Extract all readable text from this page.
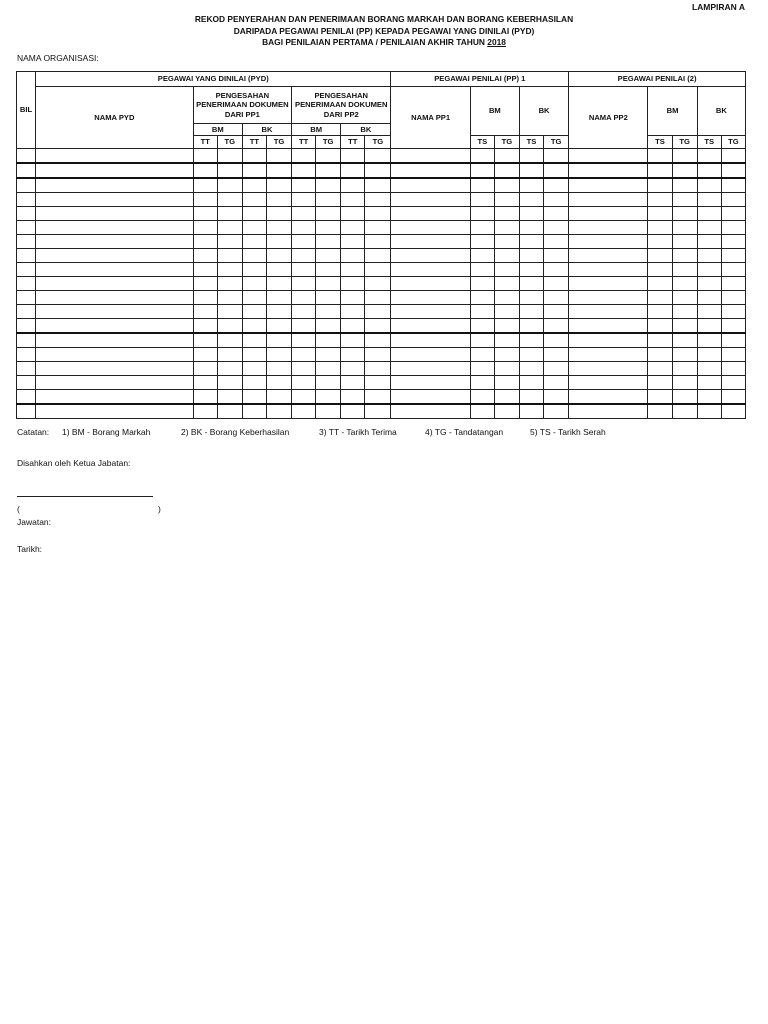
LAMPIRAN A
REKOD PENYERAHAN DAN PENERIMAAN BORANG MARKAH DAN BORANG KEBERHASILAN
DARIPADA PEGAWAI PENILAI (PP) KEPADA PEGAWAI YANG DINILAI (PYD)
BAGI PENILAIAN PERTAMA / PENILAIAN AKHIR TAHUN 2018
NAMA ORGANISASI:
BIL	PEGAWAI YANG DINILAI (PYD)									PEGAWAI PENILAI (PP) 1					PEGAWAI PENILAI (2)				
	NAMA PYD	PENGESAHAN PENERIMAAN DOKUMEN DARI PP1				PENGESAHAN PENERIMAAN DOKUMEN DARI PP2				NAMA PP1	BM		BK		NAMA PP2	BM		BK	
		BM		BK		BM		BK											
		TT	TG	TT	TG	TT	TG	TT	TG		TS	TG	TS	TG		TS	TG	TS	TG

Catatan: 1) BM - Borang Markah	2) BK - Borang Keberhasilan	3) TT - Tarikh Terima	4) TG - Tandatangan	5) TS - Tarikh Serah
Disahkan oleh Ketua Jabatan:
(	)
Jawatan:
Tarikh:
